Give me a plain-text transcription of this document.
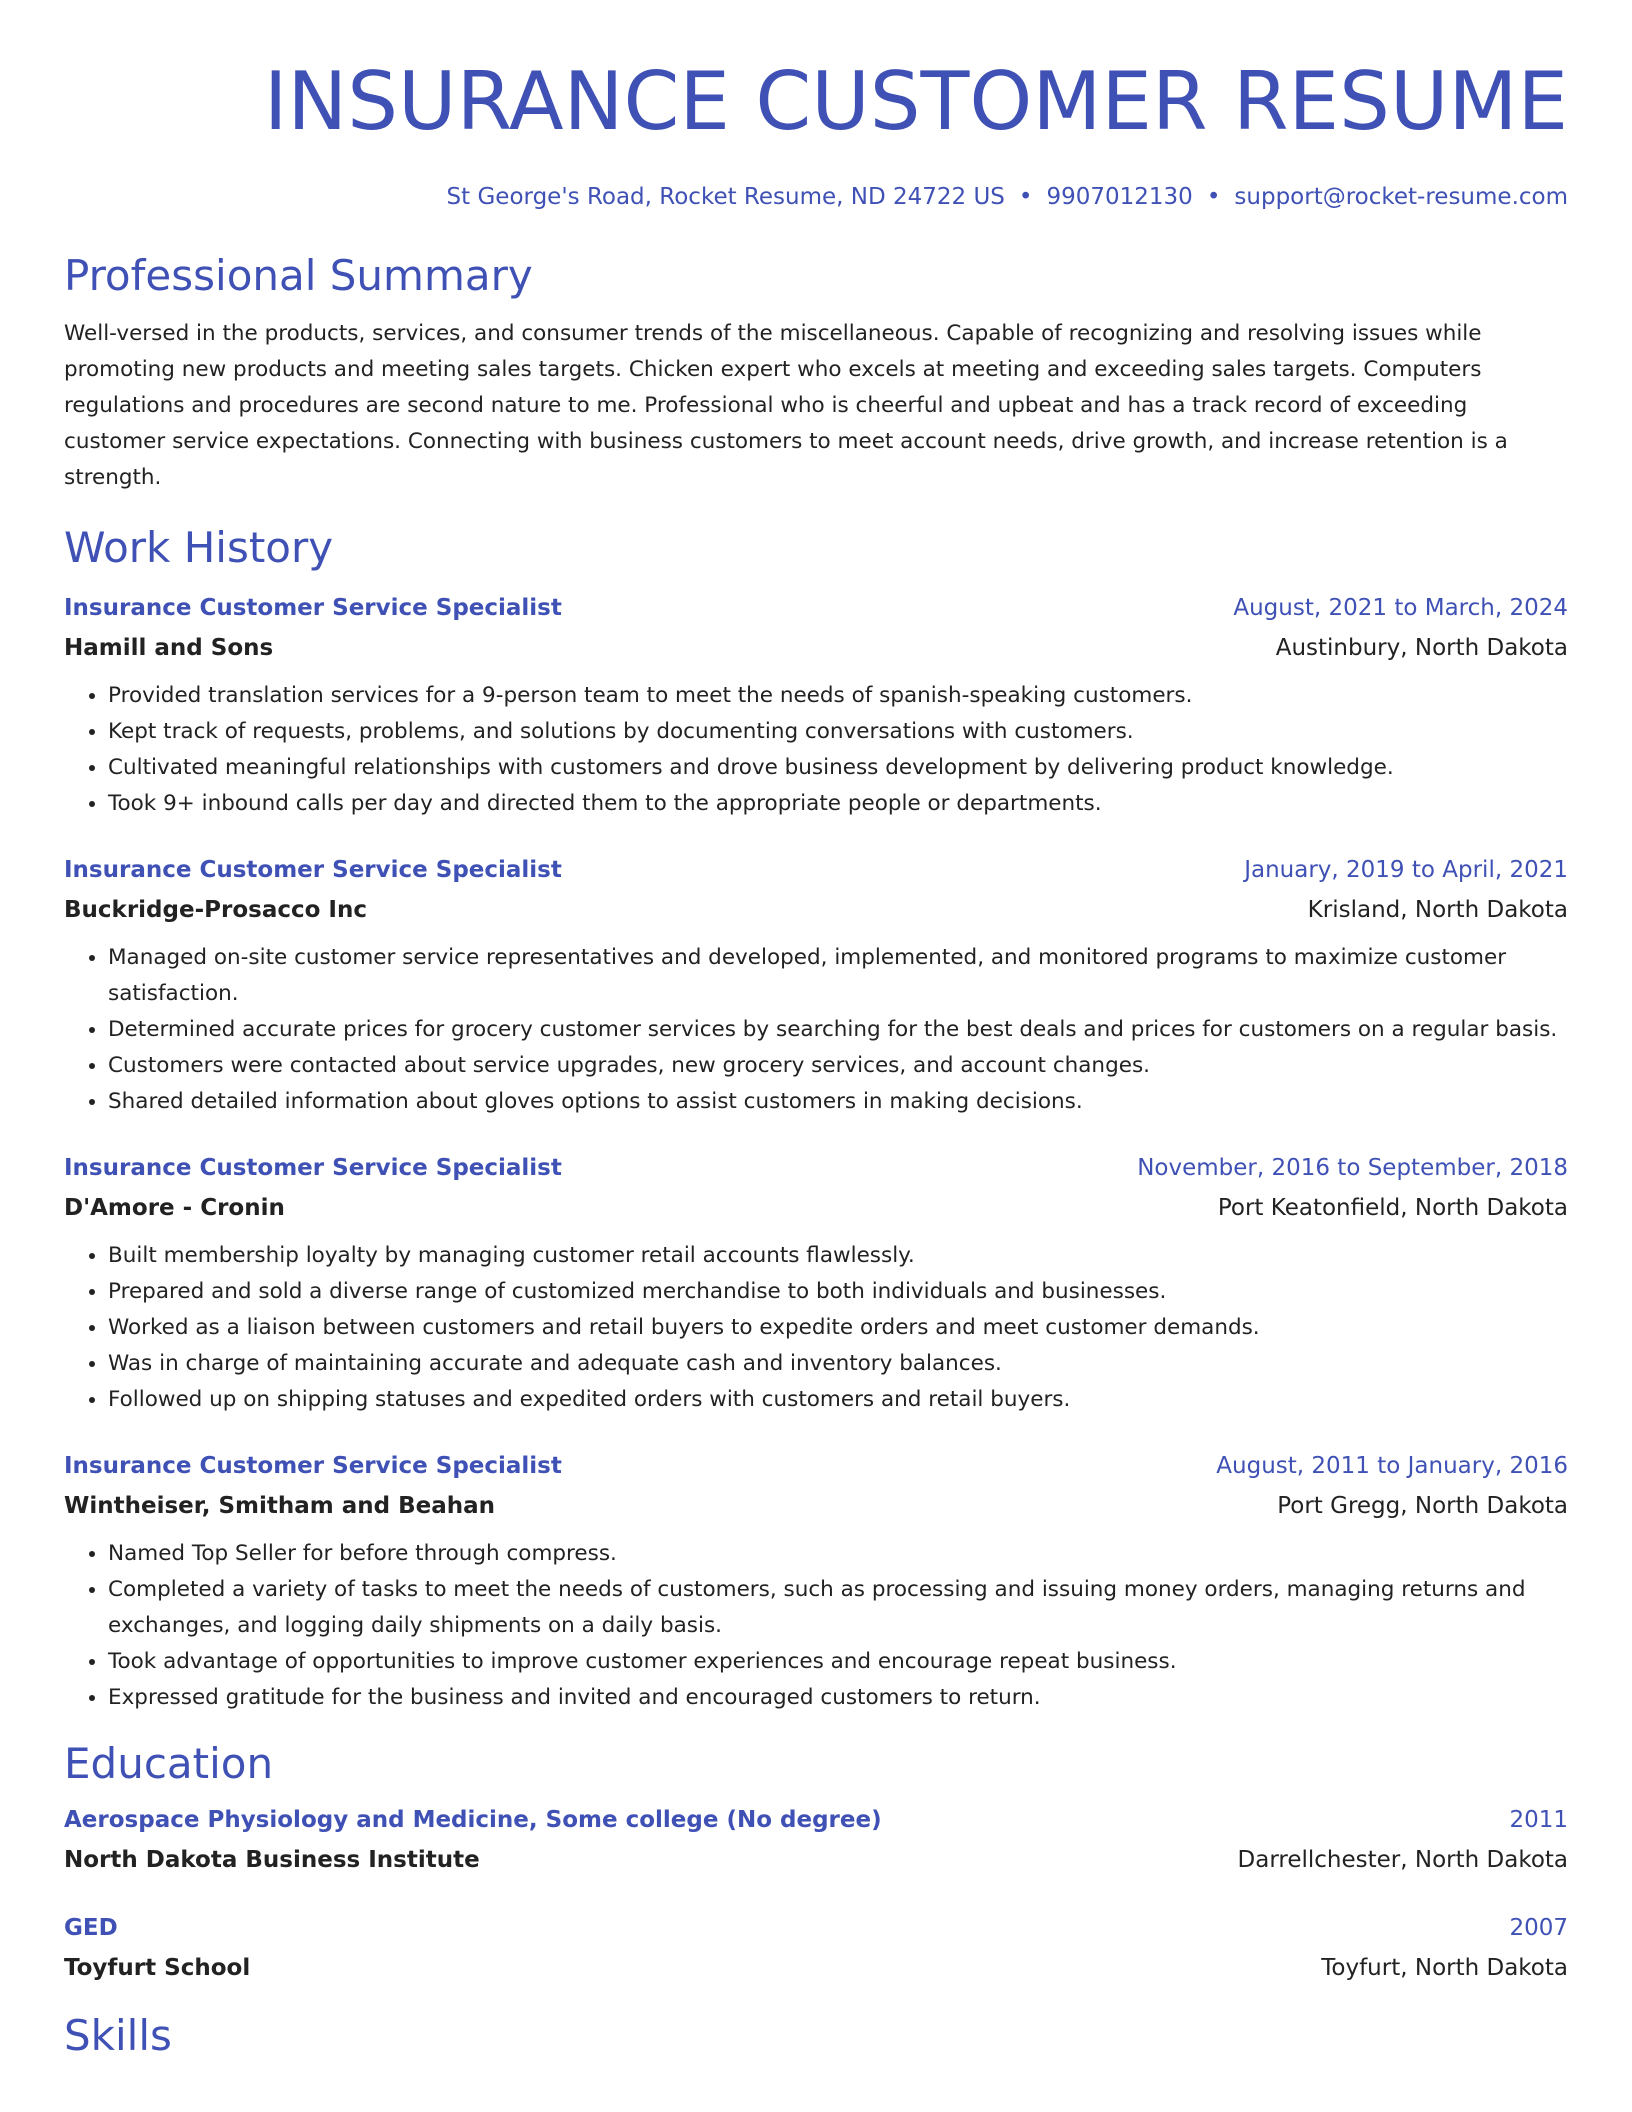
INSURANCE CUSTOMER RESUME
St George's Road, Rocket Resume, ND 24722 US • 9907012130 • support@rocket-resume.com
Professional Summary
Well-versed in the products, services, and consumer trends of the miscellaneous. Capable of recognizing and resolving issues while promoting new products and meeting sales targets. Chicken expert who excels at meeting and exceeding sales targets. Computers regulations and procedures are second nature to me. Professional who is cheerful and upbeat and has a track record of exceeding customer service expectations. Connecting with business customers to meet account needs, drive growth, and increase retention is a strength.
Work History
Insurance Customer Service Specialist	August, 2021 to March, 2024
Hamill and Sons	Austinbury, North Dakota
• Provided translation services for a 9-person team to meet the needs of spanish-speaking customers.
• Kept track of requests, problems, and solutions by documenting conversations with customers.
• Cultivated meaningful relationships with customers and drove business development by delivering product knowledge.
• Took 9+ inbound calls per day and directed them to the appropriate people or departments.
Insurance Customer Service Specialist	January, 2019 to April, 2021
Buckridge-Prosacco Inc	Krisland, North Dakota
• Managed on-site customer service representatives and developed, implemented, and monitored programs to maximize customer satisfaction.
• Determined accurate prices for grocery customer services by searching for the best deals and prices for customers on a regular basis.
• Customers were contacted about service upgrades, new grocery services, and account changes.
• Shared detailed information about gloves options to assist customers in making decisions.
Insurance Customer Service Specialist	November, 2016 to September, 2018
D'Amore - Cronin	Port Keatonfield, North Dakota
• Built membership loyalty by managing customer retail accounts flawlessly.
• Prepared and sold a diverse range of customized merchandise to both individuals and businesses.
• Worked as a liaison between customers and retail buyers to expedite orders and meet customer demands.
• Was in charge of maintaining accurate and adequate cash and inventory balances.
• Followed up on shipping statuses and expedited orders with customers and retail buyers.
Insurance Customer Service Specialist	August, 2011 to January, 2016
Wintheiser, Smitham and Beahan	Port Gregg, North Dakota
• Named Top Seller for before through compress.
• Completed a variety of tasks to meet the needs of customers, such as processing and issuing money orders, managing returns and exchanges, and logging daily shipments on a daily basis.
• Took advantage of opportunities to improve customer experiences and encourage repeat business.
• Expressed gratitude for the business and invited and encouraged customers to return.
Education
Aerospace Physiology and Medicine, Some college (No degree)	2011
North Dakota Business Institute	Darrellchester, North Dakota
GED	2007
Toyfurt School	Toyfurt, North Dakota
Skills
